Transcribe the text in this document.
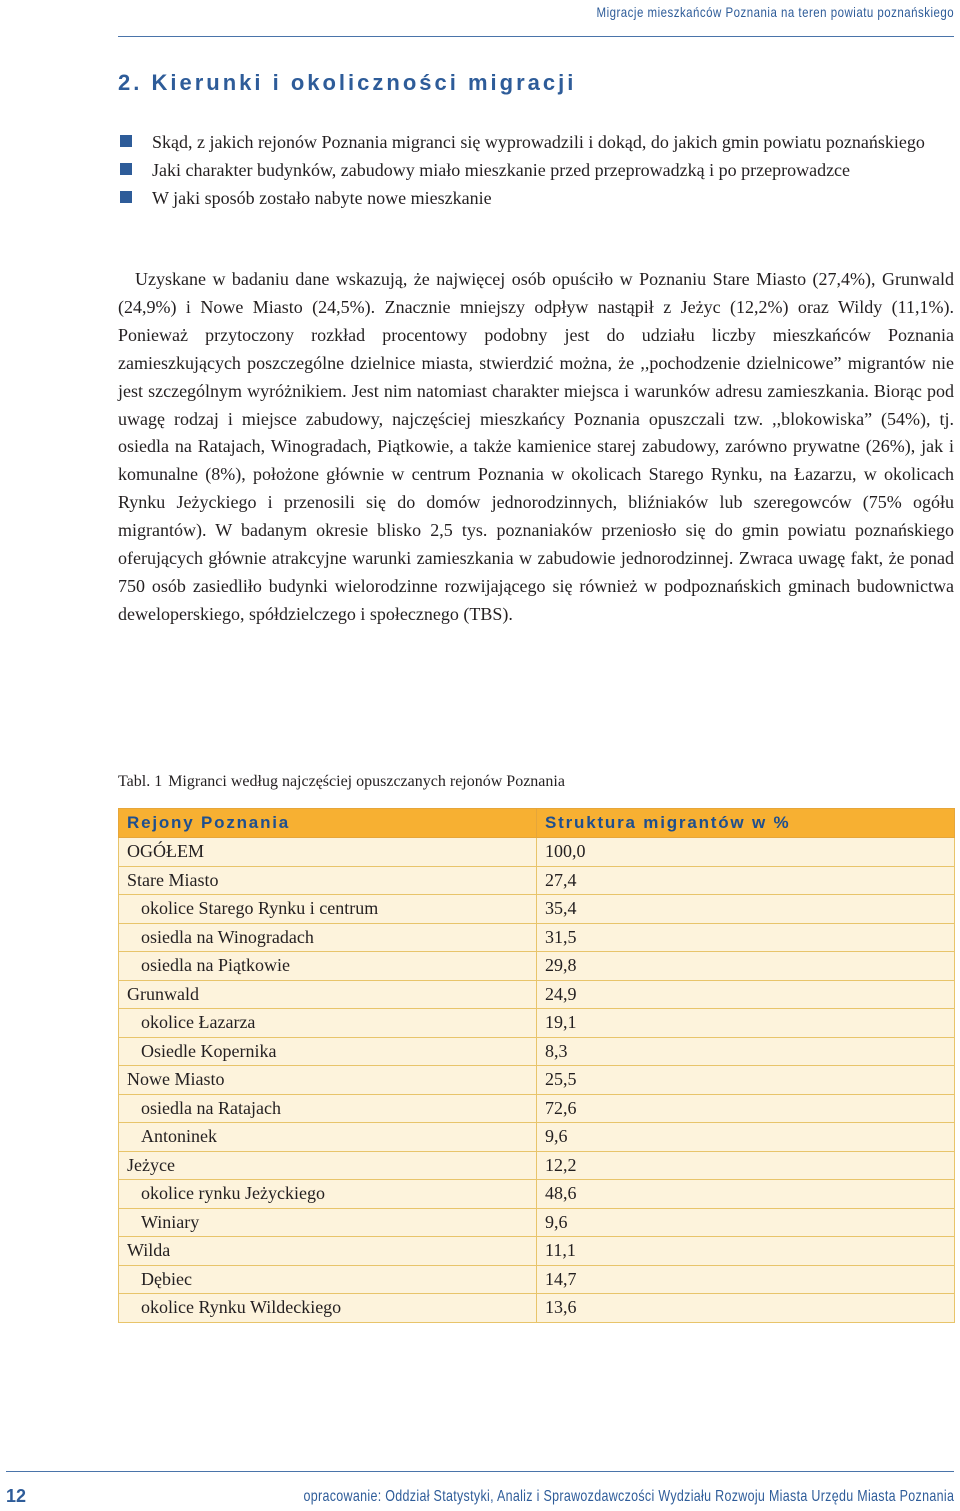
Migracje mieszkańców Poznania na teren powiatu poznańskiego
2. Kierunki i okoliczności migracji
Skąd, z jakich rejonów Poznania migranci się wyprowadzili i dokąd, do jakich gmin powiatu poznańskiego
Jaki charakter budynków, zabudowy miało mieszkanie przed przeprowadzką i po przeprowadzce
W jaki sposób zostało nabyte nowe mieszkanie

Uzyskane w badaniu dane wskazują, że najwięcej osób opuściło w Poznaniu Stare Miasto (27,4%), Grunwald (24,9%) i Nowe Miasto (24,5%). Znacznie mniejszy odpływ nastąpił z Jeżyc (12,2%) oraz Wildy (11,1%). Ponieważ przytoczony rozkład procentowy podobny jest do udziału liczby mieszkańców Poznania zamieszkujących poszczególne dzielnice miasta, stwierdzić można, że ,,pochodzenie dzielnicowe” migrantów nie jest szczególnym wyróżnikiem. Jest nim natomiast charakter miejsca i warunków adresu zamieszkania. Biorąc pod uwagę rodzaj i miejsce zabudowy, najczęściej mieszkańcy Poznania opuszczali tzw. ,,blokowiska” (54%), tj. osiedla na Ratajach, Winogradach, Piątkowie, a także kamienice starej zabudowy, zarówno prywatne (26%), jak i komunalne (8%), położone głównie w centrum Poznania w okolicach Starego Rynku, na Łazarzu, w okolicach Rynku Jeżyckiego i przenosili się do domów jednorodzinnych, bliźniaków lub szeregowców (75% ogółu migrantów). W badanym okresie blisko 2,5 tys. poznaniaków przeniosło się do gmin powiatu poznańskiego oferujących głównie atrakcyjne warunki zamieszkania w zabudowie jednorodzinnej. Zwraca uwagę fakt, że ponad 750 osób zasiedliło budynki wielorodzinne rozwijającego się również w podpoznańskich gminach budownictwa deweloperskiego, spółdzielczego i społecznego (TBS).

Tabl. 1 Migranci według najczęściej opuszczanych rejonów Poznania

Rejony Poznania	Struktura migrantów w %
OGÓŁEM	100,0
Stare Miasto	27,4
okolice Starego Rynku i centrum	35,4
osiedla na Winogradach	31,5
osiedla na Piątkowie	29,8
Grunwald	24,9
okolice Łazarza	19,1
Osiedle Kopernika	8,3
Nowe Miasto	25,5
osiedla na Ratajach	72,6
Antoninek	9,6
Jeżyce	12,2
okolice rynku Jeżyckiego	48,6
Winiary	9,6
Wilda	11,1
Dębiec	14,7
okolice Rynku Wildeckiego	13,6
12	opracowanie: Oddział Statystyki, Analiz i Sprawozdawczości Wydziału Rozwoju Miasta Urzędu Miasta Poznania
